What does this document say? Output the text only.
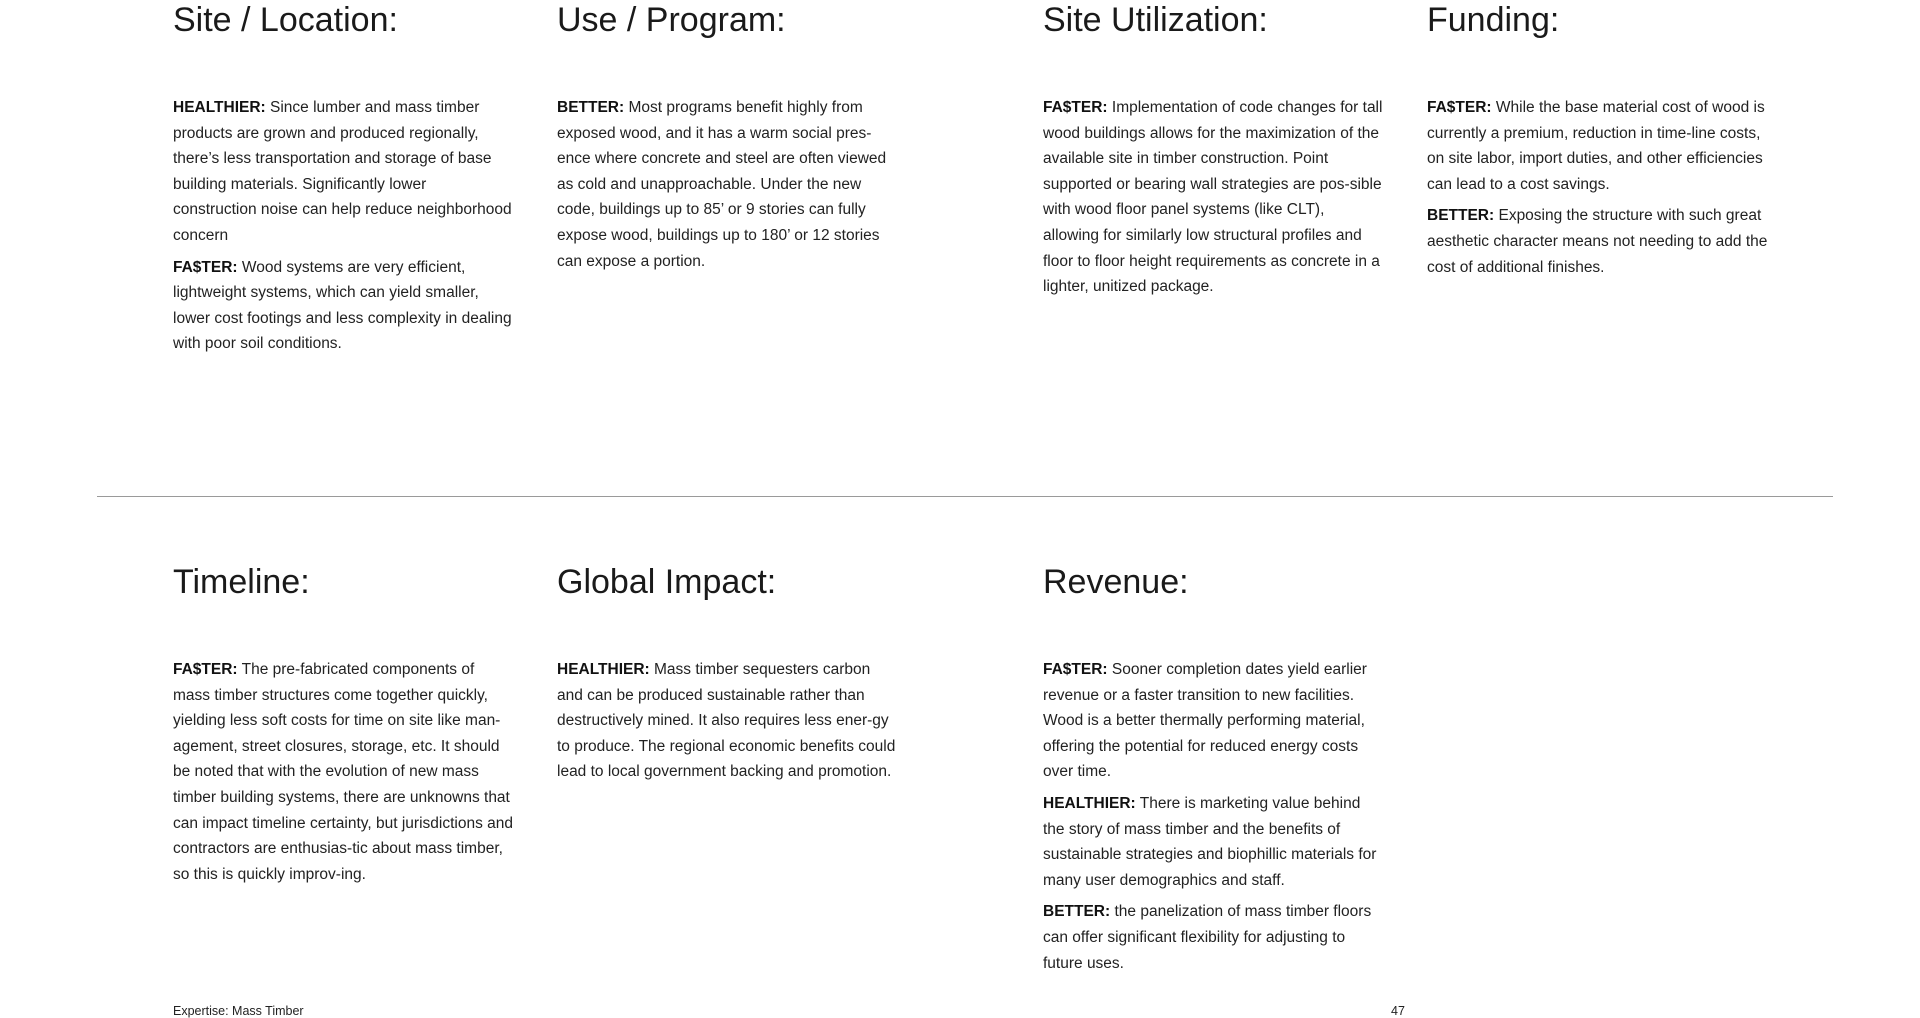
Site / Location:

HEALTHIER: Since lumber and mass timber products are grown and produced regionally, there’s less transportation and storage of base building materials. Significantly lower construction noise can help reduce neighborhood concern

FA$TER: Wood systems are very efficient, lightweight systems, which can yield smaller, lower cost footings and less complexity in dealing with poor soil conditions.

Use / Program:

BETTER: Most programs benefit highly from exposed wood, and it has a warm social pres-ence where concrete and steel are often viewed as cold and unapproachable. Under the new code, buildings up to 85’ or 9 stories can fully expose wood, buildings up to 180’ or 12 stories can expose a portion.

Site Utilization:

FA$TER: Implementation of code changes for tall wood buildings allows for the maximization of the available site in timber construction. Point supported or bearing wall strategies are pos-sible with wood floor panel systems (like CLT), allowing for similarly low structural profiles and floor to floor height requirements as concrete in a lighter, unitized package.

Funding:

FA$TER: While the base material cost of wood is currently a premium, reduction in time-line costs, on site labor, import duties, and other efficiencies can lead to a cost savings.

BETTER: Exposing the structure with such great aesthetic character means not needing to add the cost of additional finishes.

Timeline:

FA$TER: The pre-fabricated components of mass timber structures come together quickly, yielding less soft costs for time on site like man-agement, street closures, storage, etc. It should be noted that with the evolution of new mass timber building systems, there are unknowns that can impact timeline certainty, but jurisdictions and contractors are enthusias-tic about mass timber, so this is quickly improv-ing.

Global Impact:

HEALTHIER: Mass timber sequesters carbon and can be produced sustainable rather than destructively mined. It also requires less ener-gy to produce. The regional economic benefits could lead to local government backing and promotion.

Revenue:

FA$TER: Sooner completion dates yield earlier revenue or a faster transition to new facilities. Wood is a better thermally performing material, offering the potential for reduced energy costs over time.

HEALTHIER: There is marketing value behind the story of mass timber and the benefits of sustainable strategies and biophillic materials for many user demographics and staff.

BETTER: the panelization of mass timber floors can offer significant flexibility for adjusting to future uses.

Expertise: Mass Timber	47
